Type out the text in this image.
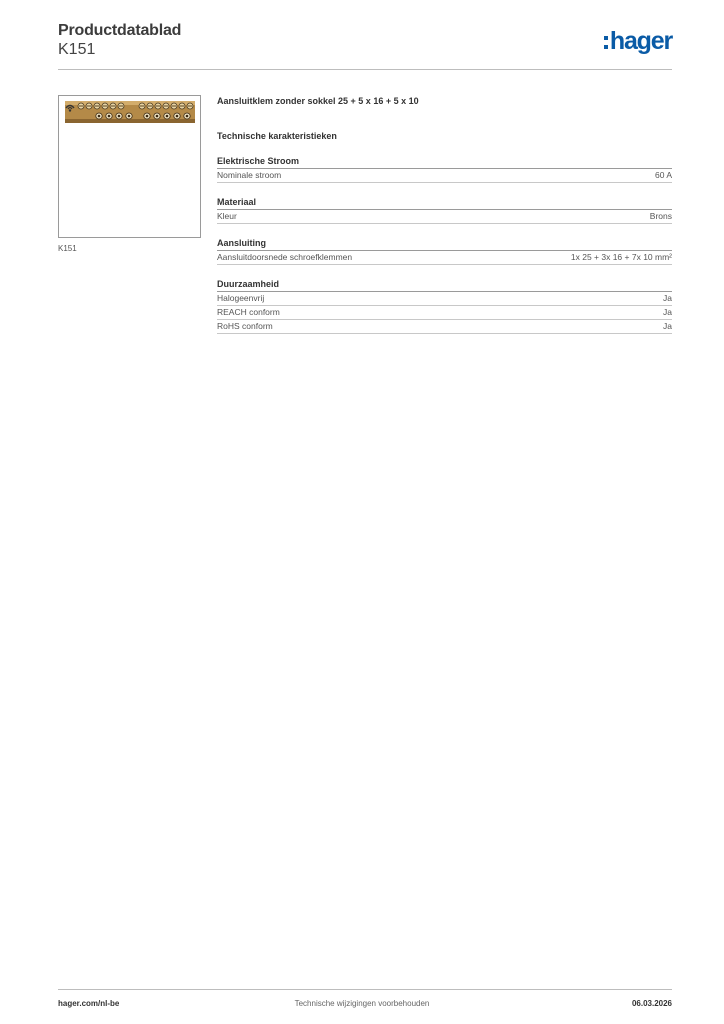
Productdatablad
K151	hager
K151
Aansluitklem zonder sokkel 25 + 5 x 16 + 5 x 10
Technische karakteristieken
Elektrische Stroom
Nominale stroom	60 A
Materiaal
Kleur	Brons
Aansluiting
Aansluitdoorsnede schroefklemmen	1x 25 + 3x 16 + 7x 10 mm²
Duurzaamheid
Halogeenvrij	Ja
REACH conform	Ja
RoHS conform	Ja
hager.com/nl-be	Technische wijzigingen voorbehouden	06.03.2026
